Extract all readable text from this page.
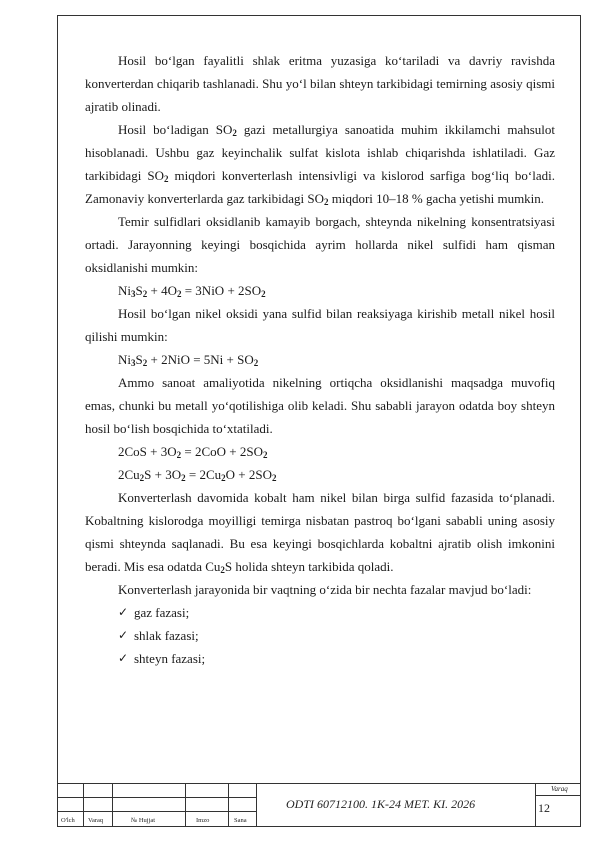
Hosil bo‘lgan fayalitli shlak eritma yuzasiga ko‘tariladi va davriy ravishda konverterdan chiqarib tashlanadi. Shu yo‘l bilan shteyn tarkibidagi temirning asosiy qismi ajratib olinadi.

Hosil bo‘ladigan $SO_2$ gazi metallurgiya sanoatida muhim ikkilamchi mahsulot hisoblanadi. Ushbu gaz keyinchalik sulfat kislota ishlab chiqarishda ishlatiladi. Gaz tarkibidagi $SO_2$ miqdori konverterlash intensivligi va kislorod sarfiga bog‘liq bo‘ladi. Zamonaviy konverterlarda gaz tarkibidagi $SO_2$ miqdori 10–18 % gacha yetishi mumkin.

Temir sulfidlari oksidlanib kamayib borgach, shteynda nikelning konsentratsiyasi ortadi. Jarayonning keyingi bosqichida ayrim hollarda nikel sulfidi ham qisman oksidlanishi mumkin:

$Ni_3S_2 + 4O_2 = 3NiO + 2SO_2$

Hosil bo‘lgan nikel oksidi yana sulfid bilan reaksiyaga kirishib metall nikel hosil qilishi mumkin:

$Ni_3S_2 + 2NiO = 5Ni + SO_2$

Ammo sanoat amaliyotida nikelning ortiqcha oksidlanishi maqsadga muvofiq emas, chunki bu metall yo‘qotilishiga olib keladi. Shu sababli jarayon odatda boy shteyn hosil bo‘lish bosqichida to‘xtatiladi.

$2CoS + 3O_2 = 2CoO + 2SO_2$

$2Cu_2S + 3O_2 = 2Cu_2O + 2SO_2$

Konverterlash davomida kobalt ham nikel bilan birga sulfid fazasida to‘planadi. Kobaltning kislorodga moyilligi temirga nisbatan pastroq bo‘lgani sababli uning asosiy qismi shteynda saqlanadi. Bu esa keyingi bosqichlarda kobaltni ajratib olish imkonini beradi. Mis esa odatda $Cu_2S$ holida shteyn tarkibida qoladi.

Konverterlash jarayonida bir vaqtning o‘zida bir nechta fazalar mavjud bo‘ladi:

✓ gaz fazasi;

✓ shlak fazasi;

✓ shteyn fazasi;

O'lch Varaq	№ Hujjat	Imzo	Sana
ODTI 60712100. 1K-24 MET. KI. 2026
Varaq
12
